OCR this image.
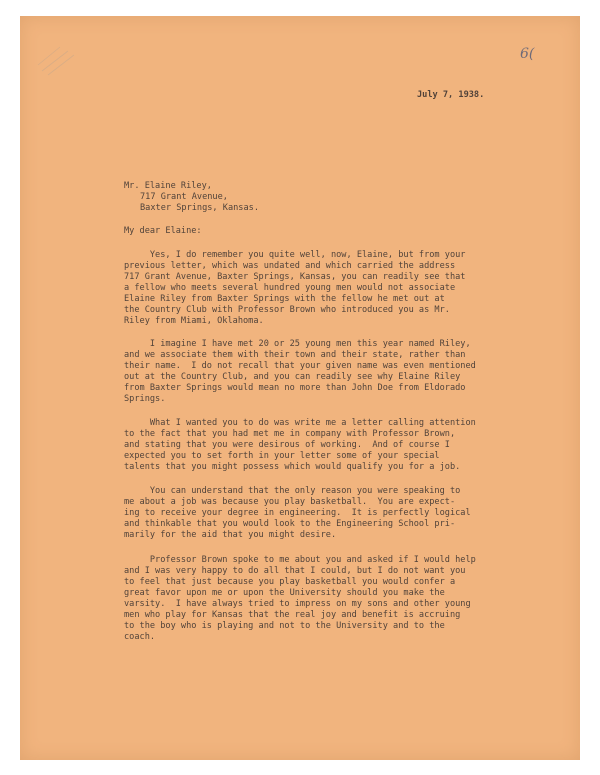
6(
July 7, 1938.
Mr. Elaine Riley,
717 Grant Avenue,
Baxter Springs, Kansas.
My dear Elaine:
Yes, I do remember you quite well, now, Elaine, but from your
previous letter, which was undated and which carried the address
717 Grant Avenue, Baxter Springs, Kansas, you can readily see that
a fellow who meets several hundred young men would not associate
Elaine Riley from Baxter Springs with the fellow he met out at
the Country Club with Professor Brown who introduced you as Mr.
Riley from Miami, Oklahoma.
I imagine I have met 20 or 25 young men this year named Riley,
and we associate them with their town and their state, rather than
their name.  I do not recall that your given name was even mentioned
out at the Country Club, and you can readily see why Elaine Riley
from Baxter Springs would mean no more than John Doe from Eldorado
Springs.
What I wanted you to do was write me a letter calling attention
to the fact that you had met me in company with Professor Brown,
and stating that you were desirous of working.  And of course I
expected you to set forth in your letter some of your special
talents that you might possess which would qualify you for a job.
You can understand that the only reason you were speaking to
me about a job was because you play basketball.  You are expect-
ing to receive your degree in engineering.  It is perfectly logical
and thinkable that you would look to the Engineering School pri-
marily for the aid that you might desire.
Professor Brown spoke to me about you and asked if I would help
and I was very happy to do all that I could, but I do not want you
to feel that just because you play basketball you would confer a
great favor upon me or upon the University should you make the
varsity.  I have always tried to impress on my sons and other young
men who play for Kansas that the real joy and benefit is accruing
to the boy who is playing and not to the University and to the
coach.
